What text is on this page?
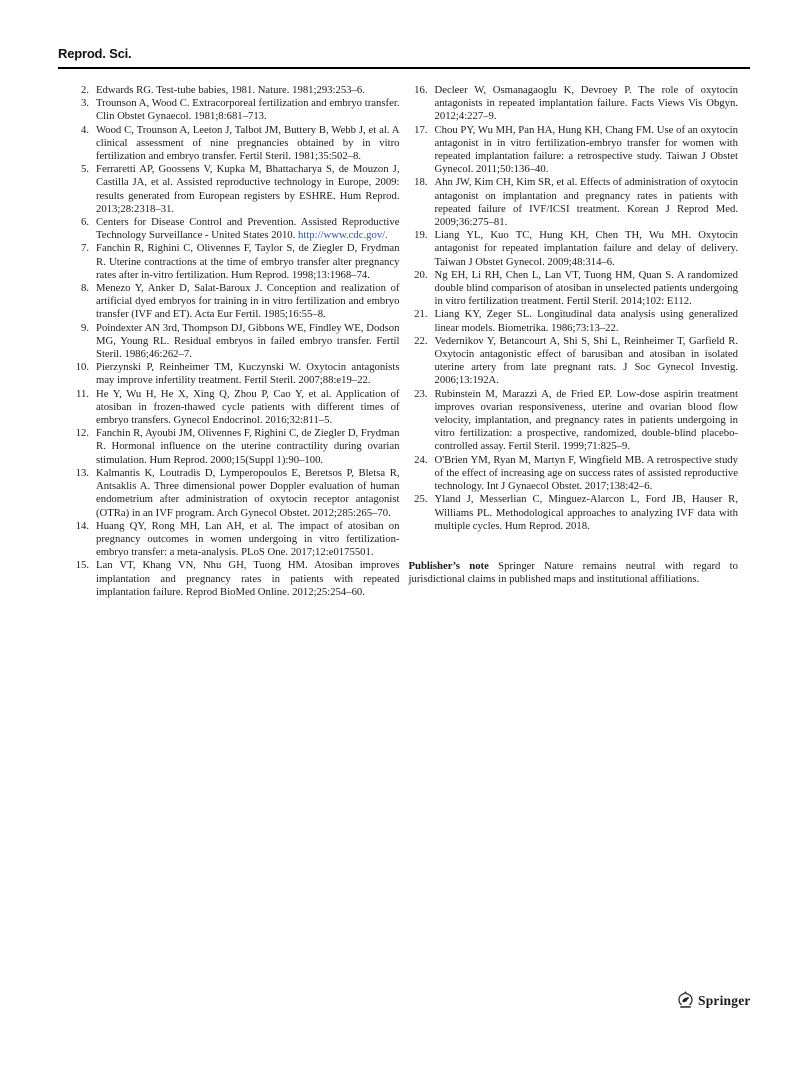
Reprod. Sci.
2. Edwards RG. Test-tube babies, 1981. Nature. 1981;293:253–6.
3. Trounson A, Wood C. Extracorporeal fertilization and embryo transfer. Clin Obstet Gynaecol. 1981;8:681–713.
4. Wood C, Trounson A, Leeton J, Talbot JM, Buttery B, Webb J, et al. A clinical assessment of nine pregnancies obtained by in vitro fertilization and embryo transfer. Fertil Steril. 1981;35:502–8.
5. Ferraretti AP, Goossens V, Kupka M, Bhattacharya S, de Mouzon J, Castilla JA, et al. Assisted reproductive technology in Europe, 2009: results generated from European registers by ESHRE. Hum Reprod. 2013;28:2318–31.
6. Centers for Disease Control and Prevention. Assisted Reproductive Technology Surveillance - United States 2010. http://www.cdc.gov/.
7. Fanchin R, Righini C, Olivennes F, Taylor S, de Ziegler D, Frydman R. Uterine contractions at the time of embryo transfer alter pregnancy rates after in-vitro fertilization. Hum Reprod. 1998;13:1968–74.
8. Menezo Y, Anker D, Salat-Baroux J. Conception and realization of artificial dyed embryos for training in in vitro fertilization and embryo transfer (IVF and ET). Acta Eur Fertil. 1985;16:55–8.
9. Poindexter AN 3rd, Thompson DJ, Gibbons WE, Findley WE, Dodson MG, Young RL. Residual embryos in failed embryo transfer. Fertil Steril. 1986;46:262–7.
10. Pierzynski P, Reinheimer TM, Kuczynski W. Oxytocin antagonists may improve infertility treatment. Fertil Steril. 2007;88:e19–22.
11. He Y, Wu H, He X, Xing Q, Zhou P, Cao Y, et al. Application of atosiban in frozen-thawed cycle patients with different times of embryo transfers. Gynecol Endocrinol. 2016;32:811–5.
12. Fanchin R, Ayoubi JM, Olivennes F, Righini C, de Ziegler D, Frydman R. Hormonal influence on the uterine contractility during ovarian stimulation. Hum Reprod. 2000;15(Suppl 1):90–100.
13. Kalmantis K, Loutradis D, Lymperopoulos E, Beretsos P, Bletsa R, Antsaklis A. Three dimensional power Doppler evaluation of human endometrium after administration of oxytocin receptor antagonist (OTRa) in an IVF program. Arch Gynecol Obstet. 2012;285:265–70.
14. Huang QY, Rong MH, Lan AH, et al. The impact of atosiban on pregnancy outcomes in women undergoing in vitro fertilization-embryo transfer: a meta-analysis. PLoS One. 2017;12:e0175501.
15. Lan VT, Khang VN, Nhu GH, Tuong HM. Atosiban improves implantation and pregnancy rates in patients with repeated implantation failure. Reprod BioMed Online. 2012;25:254–60.
16. Decleer W, Osmanagaoglu K, Devroey P. The role of oxytocin antagonists in repeated implantation failure. Facts Views Vis Obgyn. 2012;4:227–9.
17. Chou PY, Wu MH, Pan HA, Hung KH, Chang FM. Use of an oxytocin antagonist in in vitro fertilization-embryo transfer for women with repeated implantation failure: a retrospective study. Taiwan J Obstet Gynecol. 2011;50:136–40.
18. Ahn JW, Kim CH, Kim SR, et al. Effects of administration of oxytocin antagonist on implantation and pregnancy rates in patients with repeated failure of IVF/ICSI treatment. Korean J Reprod Med. 2009;36:275–81.
19. Liang YL, Kuo TC, Hung KH, Chen TH, Wu MH. Oxytocin antagonist for repeated implantation failure and delay of delivery. Taiwan J Obstet Gynecol. 2009;48:314–6.
20. Ng EH, Li RH, Chen L, Lan VT, Tuong HM, Quan S. A randomized double blind comparison of atosiban in unselected patients undergoing in vitro fertilization treatment. Fertil Steril. 2014;102: E112.
21. Liang KY, Zeger SL. Longitudinal data analysis using generalized linear models. Biometrika. 1986;73:13–22.
22. Vedernikov Y, Betancourt A, Shi S, Shi L, Reinheimer T, Garfield R. Oxytocin antagonistic effect of barusiban and atosiban in isolated uterine artery from late pregnant rats. J Soc Gynecol Investig. 2006;13:192A.
23. Rubinstein M, Marazzi A, de Fried EP. Low-dose aspirin treatment improves ovarian responsiveness, uterine and ovarian blood flow velocity, implantation, and pregnancy rates in patients undergoing in vitro fertilization: a prospective, randomized, double-blind placebo-controlled assay. Fertil Steril. 1999;71:825–9.
24. O'Brien YM, Ryan M, Martyn F, Wingfield MB. A retrospective study of the effect of increasing age on success rates of assisted reproductive technology. Int J Gynaecol Obstet. 2017;138:42–6.
25. Yland J, Messerlian C, Minguez-Alarcon L, Ford JB, Hauser R, Williams PL. Methodological approaches to analyzing IVF data with multiple cycles. Hum Reprod. 2018.
Publisher’s note Springer Nature remains neutral with regard to jurisdictional claims in published maps and institutional affiliations.
Springer
